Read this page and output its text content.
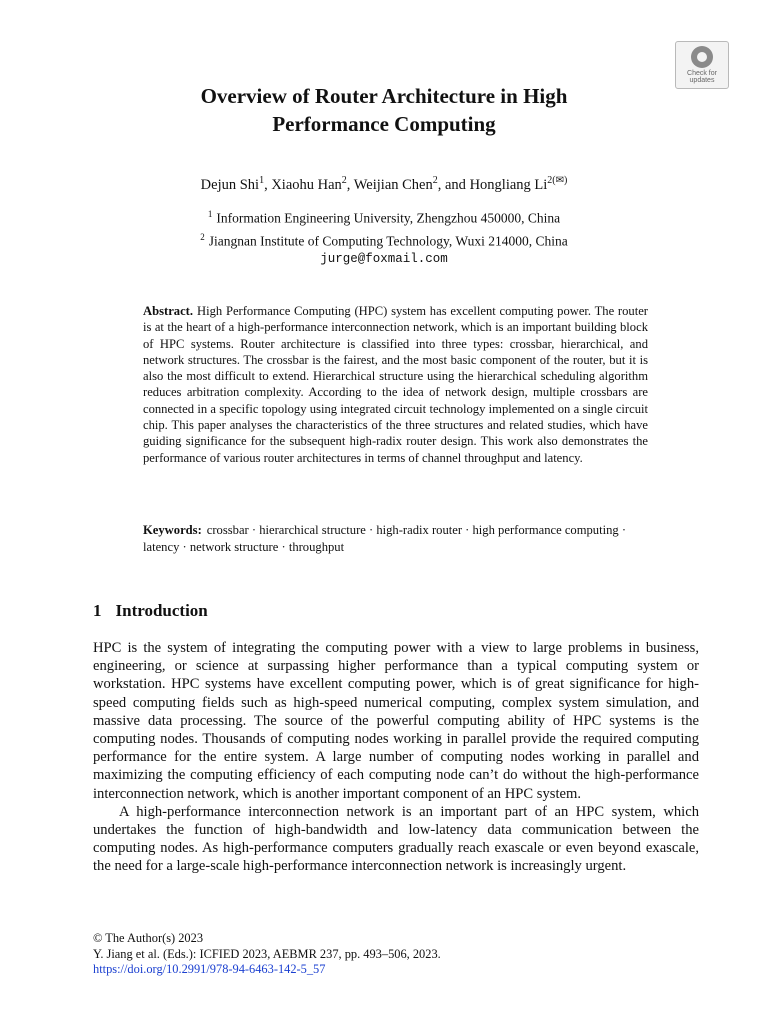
Check for
updates
Overview of Router Architecture in High
Performance Computing
Dejun Shi$^1$, Xiaohu Han$^2$, Weijian Chen$^2$, and Hongliang $Li^{2(✉)}$
$^1$ Information Engineering University, Zhengzhou 450000, China
$^2$ Jiangnan Institute of Computing Technology, Wuxi 214000, China
jurge@foxmail.com
Abstract. High Performance Computing (HPC) system has excellent computing power. The router is at the heart of a high-performance interconnection network, which is an important building block of HPC systems. Router architecture is classified into three types: crossbar, hierarchical, and network structures. The crossbar is the fairest, and the most basic component of the router, but it is also the most difficult to extend. Hierarchical structure using the hierarchical scheduling algorithm reduces arbitration complexity. According to the idea of network design, multiple crossbars are connected in a specific topology using integrated circuit technology implemented on a single circuit chip. This paper analyses the characteristics of the three structures and related studies, which have guiding significance for the subsequent high-radix router design. This work also demonstrates the performance of various router architectures in terms of channel throughput and latency.
Keywords: crossbar · hierarchical structure · high-radix router · high performance computing · latency · network structure · throughput
1 Introduction

HPC is the system of integrating the computing power with a view to large problems in business, engineering, or science at surpassing higher performance than a typical computing system or workstation. HPC systems have excellent computing power, which is of great significance for high-speed computing fields such as high-speed numerical computing, complex system simulation, and massive data processing. The source of the powerful computing ability of HPC systems is the computing nodes. Thousands of computing nodes working in parallel provide the required computing performance for the entire system. A large number of computing nodes working in parallel and maximizing the computing efficiency of each computing node can’t do without the high-performance interconnection network, which is another important component of an HPC system.

A high-performance interconnection network is an important part of an HPC system, which undertakes the function of high-bandwidth and low-latency data communication between the computing nodes. As high-performance computers gradually reach exascale or even beyond exascale, the need for a large-scale high-performance interconnection network is increasingly urgent.

© The Author(s) 2023
Y. Jiang et al. (Eds.): ICFIED 2023, AEBMR 237, pp. 493–506, 2023.
https://doi.org/10.2991/978-94-6463-142-5_57
